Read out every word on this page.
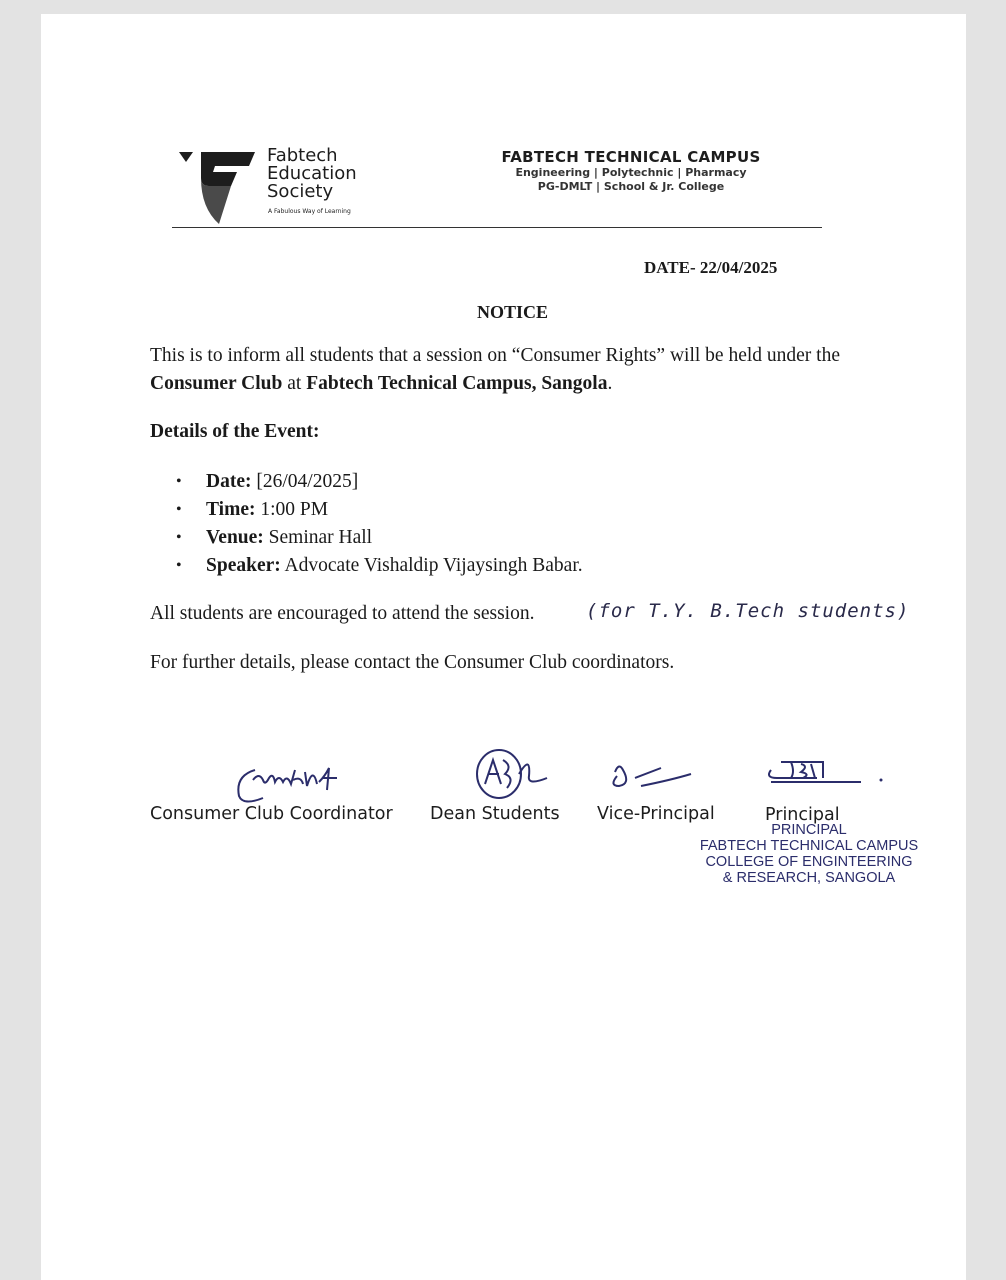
Fabtech
Education
Society
A Fabulous Way of Learning
FABTECH TECHNICAL CAMPUS
Engineering | Polytechnic | Pharmacy
PG-DMLT | School & Jr. College
DATE- 22/04/2025
NOTICE
This is to inform all students that a session on “Consumer Rights” will be held under the Consumer Club at Fabtech Technical Campus, Sangola.
Details of the Event:
• Date: [26/04/2025]
• Time: 1:00 PM
• Venue: Seminar Hall
• Speaker: Advocate Vishaldip Vijaysingh Babar.
All students are encouraged to attend the session.	(for T.Y. B.Tech students)
For further details, please contact the Consumer Club coordinators.
Consumer Club Coordinator Dean Students Vice-Principal	Principal
PRINCIPAL
FABTECH TECHNICAL CAMPUS
COLLEGE OF ENGINTEERING
& RESEARCH, SANGOLA
